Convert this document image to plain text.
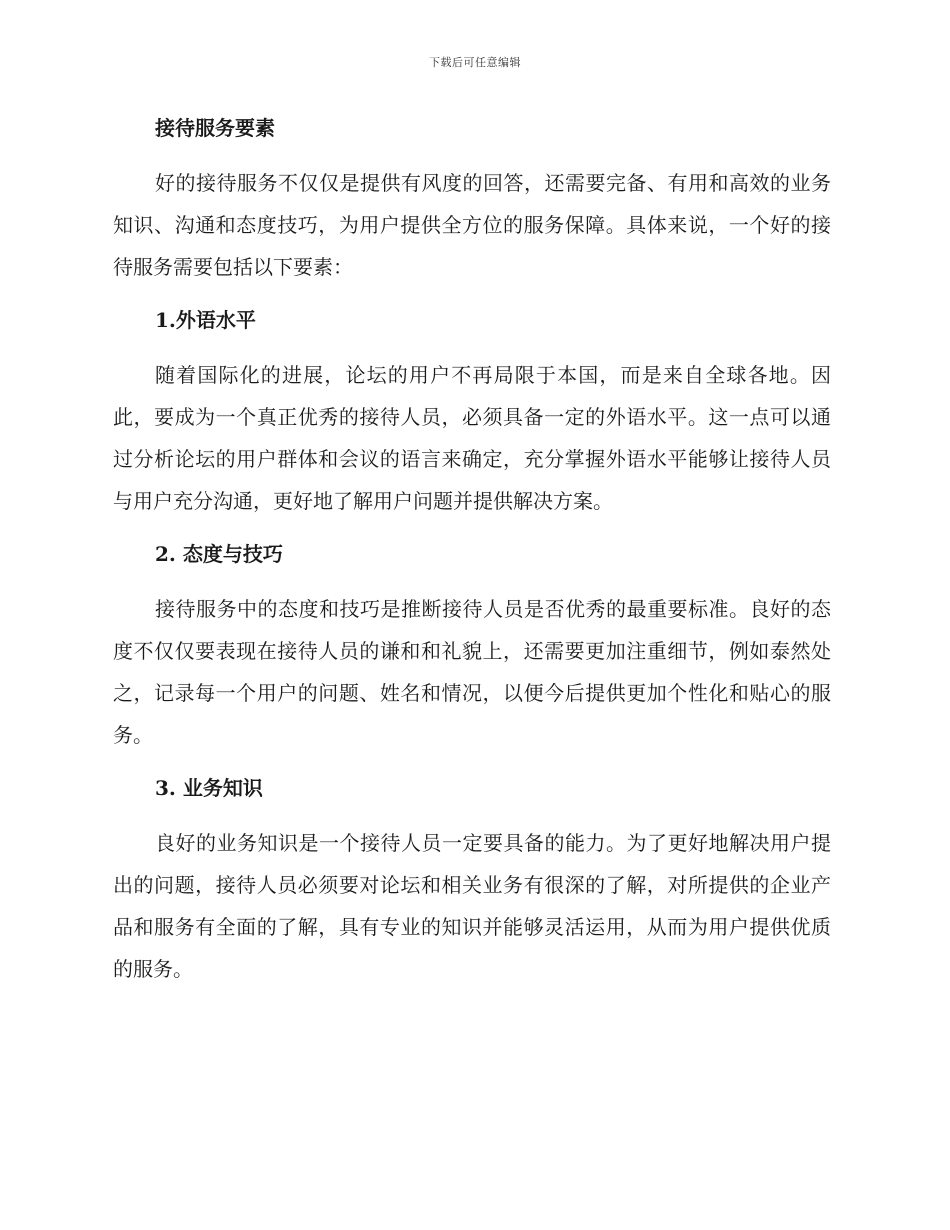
下载后可任意编辑
接待服务要素

好的接待服务不仅仅是提供有风度的回答，还需要完备、有用和高效的业务知识、沟通和态度技巧，为用户提供全方位的服务保障。具体来说，一个好的接待服务需要包括以下要素：

1.外语水平

随着国际化的进展，论坛的用户不再局限于本国，而是来自全球各地。因此，要成为一个真正优秀的接待人员，必须具备一定的外语水平。这一点可以通过分析论坛的用户群体和会议的语言来确定，充分掌握外语水平能够让接待人员与用户充分沟通，更好地了解用户问题并提供解决方案。

2. 态度与技巧

接待服务中的态度和技巧是推断接待人员是否优秀的最重要标准。良好的态度不仅仅要表现在接待人员的谦和和礼貌上，还需要更加注重细节，例如泰然处之，记录每一个用户的问题、姓名和情况，以便今后提供更加个性化和贴心的服务。

3. 业务知识

良好的业务知识是一个接待人员一定要具备的能力。为了更好地解决用户提出的问题，接待人员必须要对论坛和相关业务有很深的了解，对所提供的企业产品和服务有全面的了解，具有专业的知识并能够灵活运用，从而为用户提供优质的服务。
